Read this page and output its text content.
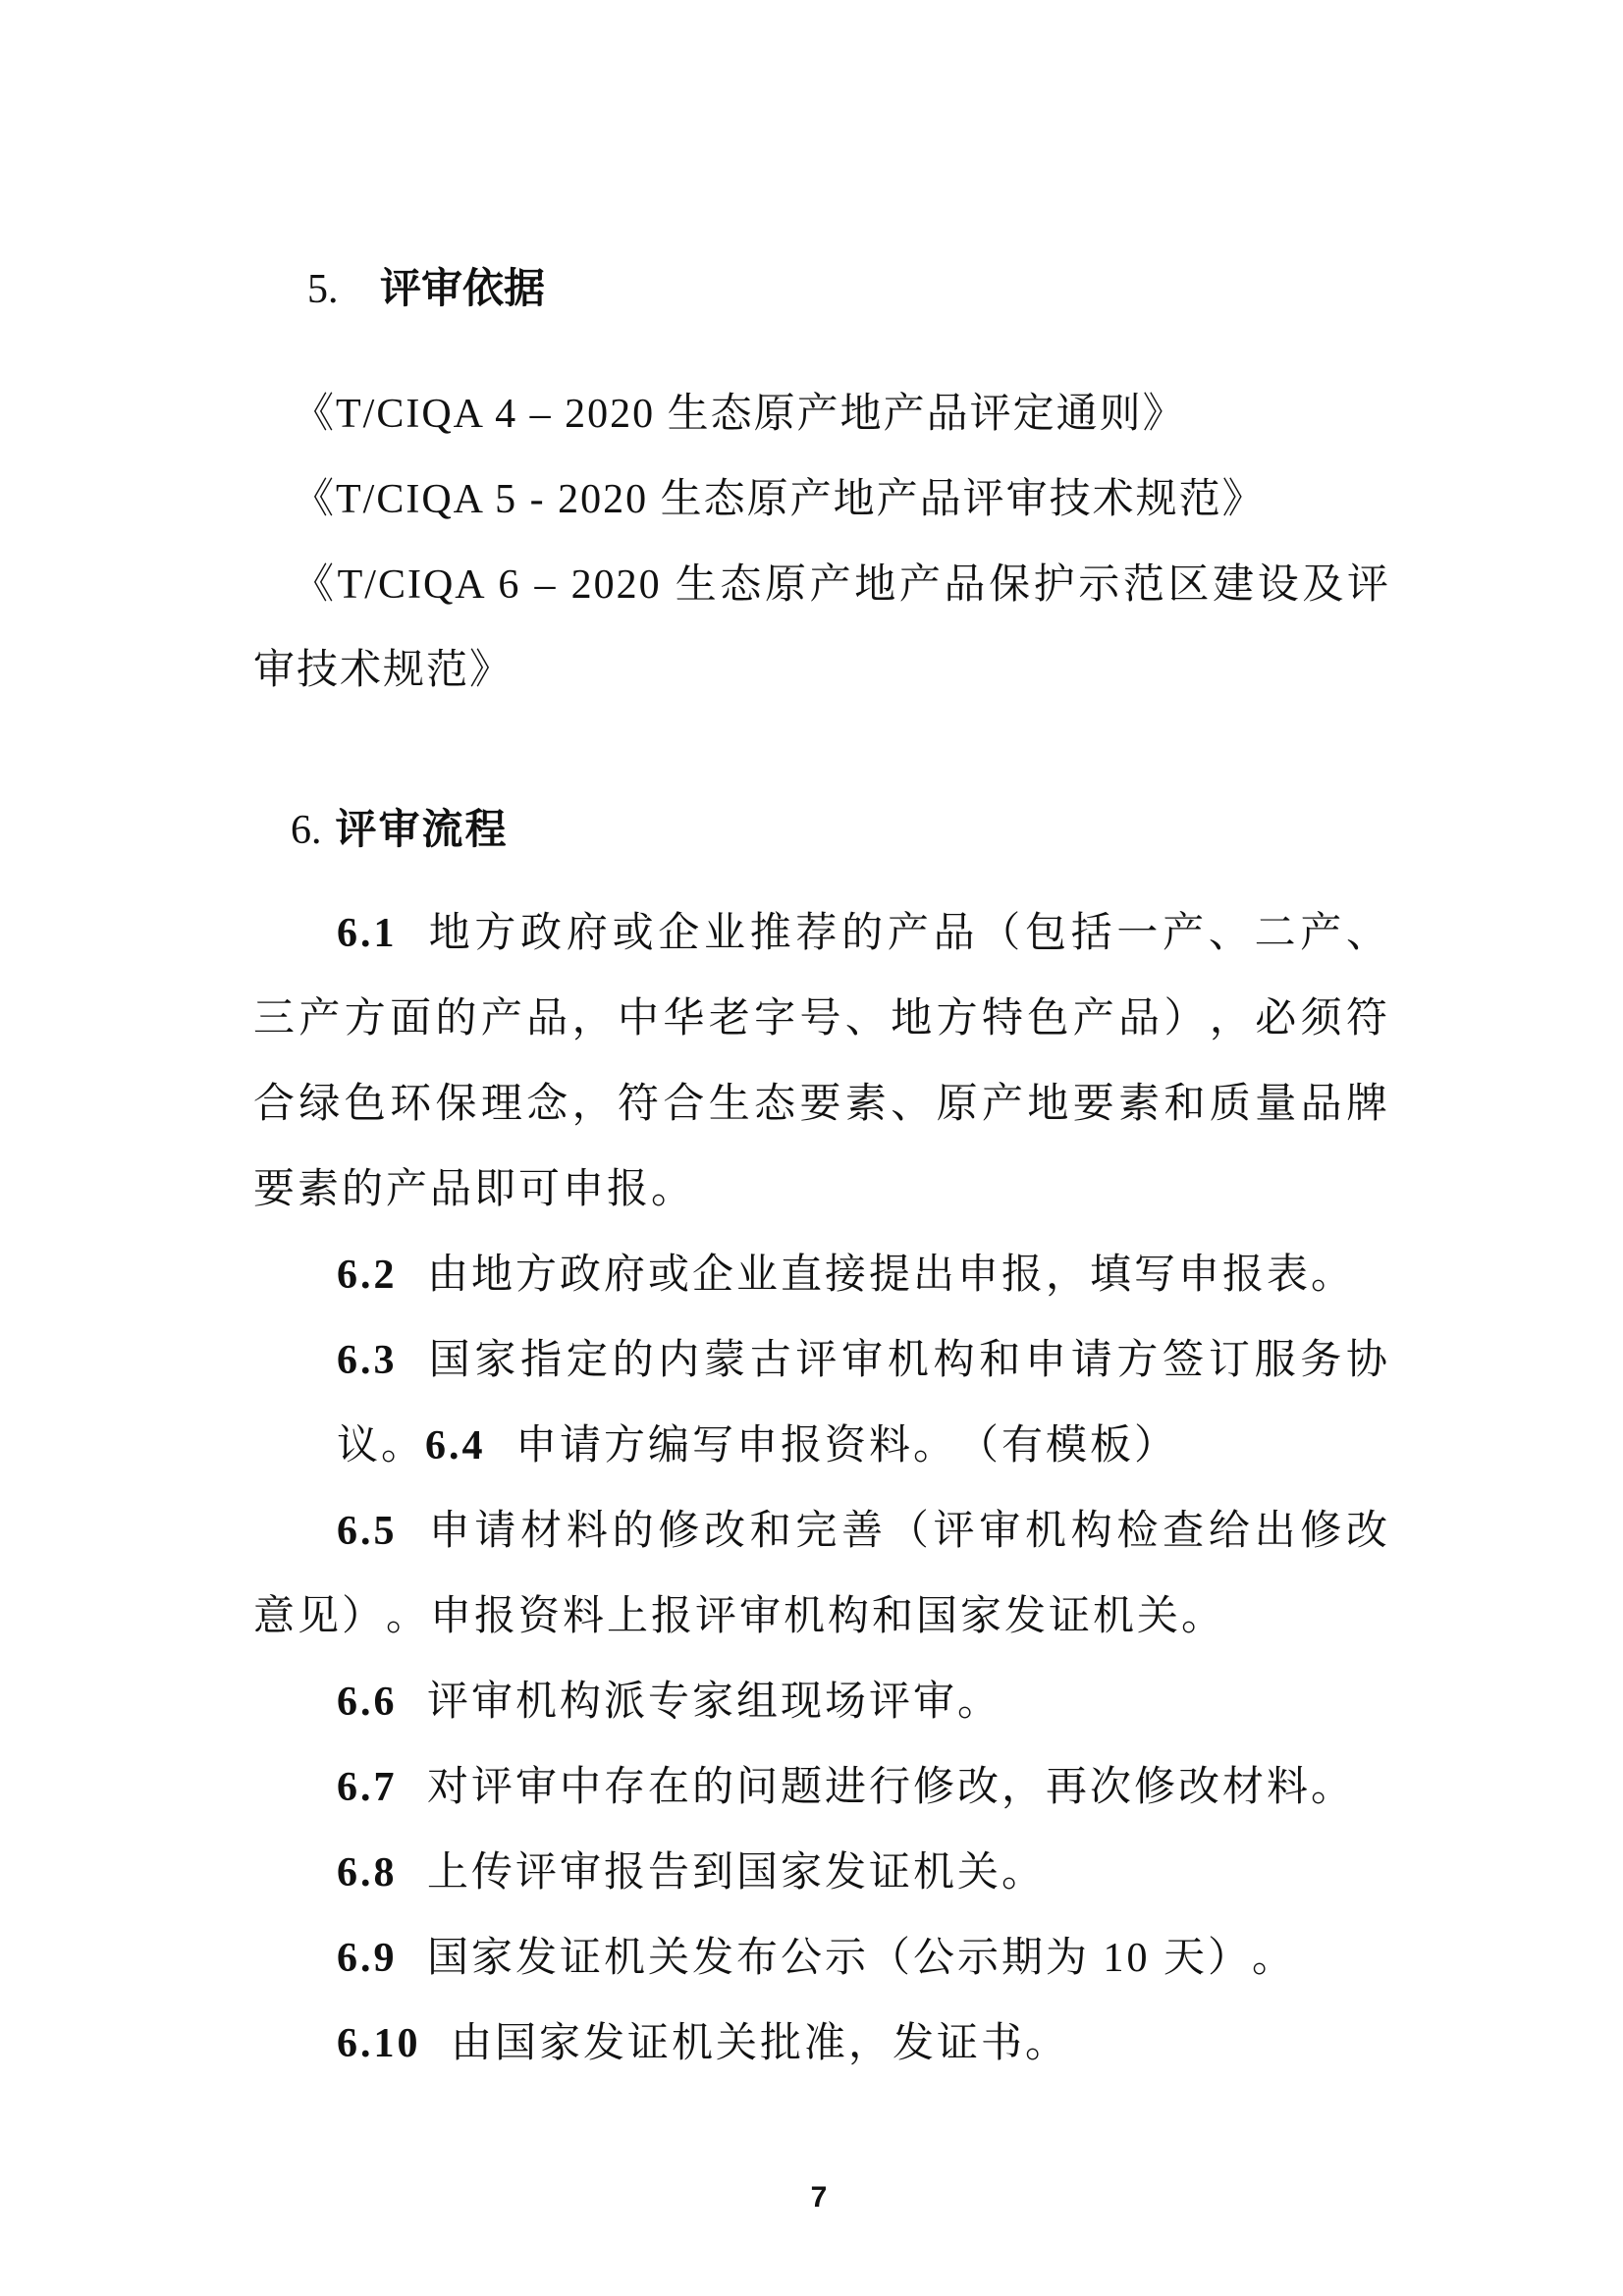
5. 评审依据
《T/CIQA 4 – 2020 生态原产地产品评定通则》
《T/CIQA 5 - 2020 生态原产地产品评审技术规范》
《T/CIQA 6 – 2020 生态原产地产品保护示范区建设及评审技术规范》
6. 评审流程
6.1 地方政府或企业推荐的产品（包括一产、二产、三产方面的产品，中华老字号、地方特色产品），必须符合绿色环保理念，符合生态要素、原产地要素和质量品牌要素的产品即可申报。
6.2 由地方政府或企业直接提出申报，填写申报表。
6.3 国家指定的内蒙古评审机构和申请方签订服务协议。6.4 申请方编写申报资料。（有模板）
6.5 申请材料的修改和完善（评审机构检查给出修改意见）。申报资料上报评审机构和国家发证机关。
6.6 评审机构派专家组现场评审。
6.7 对评审中存在的问题进行修改，再次修改材料。
6.8 上传评审报告到国家发证机关。
6.9 国家发证机关发布公示（公示期为 10 天）。
6.10 由国家发证机关批准，发证书。
7
